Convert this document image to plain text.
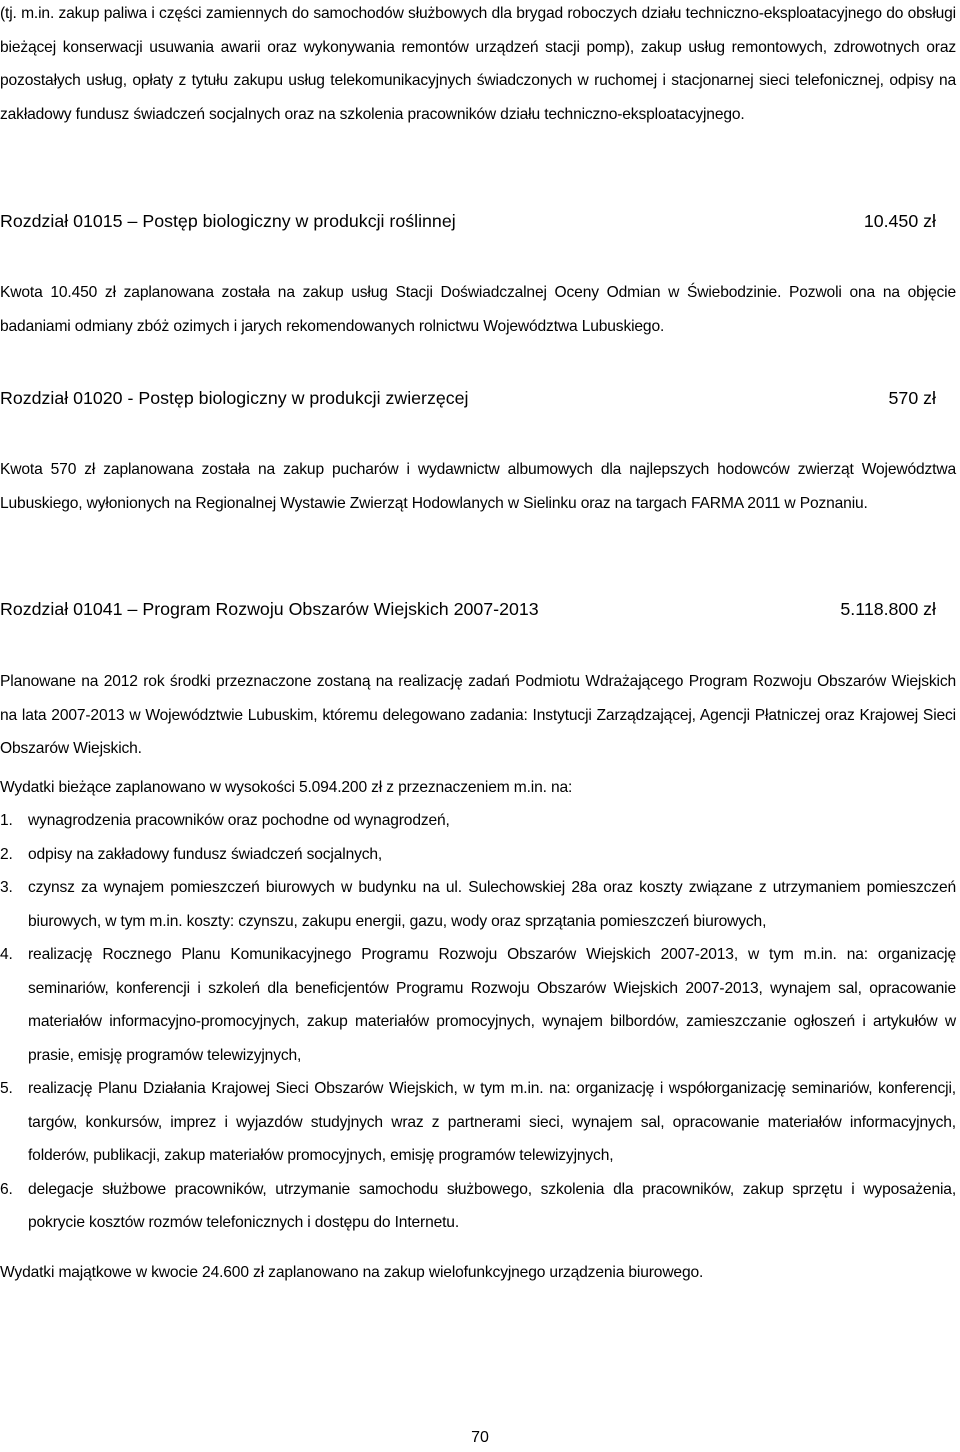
(tj. m.in. zakup paliwa i części zamiennych do samochodów służbowych dla brygad roboczych działu techniczno-eksploatacyjnego do obsługi bieżącej konserwacji usuwania awarii oraz wykonywania remontów urządzeń stacji pomp), zakup usług remontowych, zdrowotnych oraz pozostałych usług, opłaty z tytułu zakupu usług telekomunikacyjnych świadczonych w ruchomej i stacjonarnej sieci telefonicznej, odpisy na zakładowy fundusz świadczeń socjalnych oraz na szkolenia pracowników działu techniczno-eksploatacyjnego.

Rozdział 01015 – Postęp biologiczny w produkcji roślinnej	10.450 zł

Kwota 10.450 zł zaplanowana została na zakup usług Stacji Doświadczalnej Oceny Odmian w Świebodzinie. Pozwoli ona na objęcie badaniami odmiany zbóż ozimych i jarych rekomendowanych rolnictwu Województwa Lubuskiego.

Rozdział 01020 - Postęp biologiczny w produkcji zwierzęcej	570 zł

Kwota 570 zł zaplanowana została na zakup pucharów i wydawnictw albumowych dla najlepszych hodowców zwierząt Województwa Lubuskiego, wyłonionych na Regionalnej Wystawie Zwierząt Hodowlanych w Sielinku oraz na targach FARMA 2011 w Poznaniu.

Rozdział 01041 – Program Rozwoju Obszarów Wiejskich 2007-2013	5.118.800 zł

Planowane na 2012 rok środki przeznaczone zostaną na realizację zadań Podmiotu Wdrażającego Program Rozwoju Obszarów Wiejskich na lata 2007-2013 w Województwie Lubuskim, któremu delegowano zadania: Instytucji Zarządzającej, Agencji Płatniczej oraz Krajowej Sieci Obszarów Wiejskich.

Wydatki bieżące zaplanowano w wysokości 5.094.200 zł z przeznaczeniem m.in. na:

1. wynagrodzenia pracowników oraz pochodne od wynagrodzeń,
2. odpisy na zakładowy fundusz świadczeń socjalnych,
3. czynsz za wynajem pomieszczeń biurowych w budynku na ul. Sulechowskiej 28a oraz koszty związane z utrzymaniem pomieszczeń biurowych, w tym m.in. koszty: czynszu, zakupu energii, gazu, wody oraz sprzątania pomieszczeń biurowych,
4. realizację Rocznego Planu Komunikacyjnego Programu Rozwoju Obszarów Wiejskich 2007-2013, w tym m.in. na: organizację seminariów, konferencji i szkoleń dla beneficjentów Programu Rozwoju Obszarów Wiejskich 2007-2013, wynajem sal, opracowanie materiałów informacyjno-promocyjnych, zakup materiałów promocyjnych, wynajem bilbordów, zamieszczanie ogłoszeń i artykułów w prasie, emisję programów telewizyjnych,
5. realizację Planu Działania Krajowej Sieci Obszarów Wiejskich, w tym m.in. na: organizację i współorganizację seminariów, konferencji, targów, konkursów, imprez i wyjazdów studyjnych wraz z partnerami sieci, wynajem sal, opracowanie materiałów informacyjnych, folderów, publikacji, zakup materiałów promocyjnych, emisję programów telewizyjnych,
6. delegacje służbowe pracowników, utrzymanie samochodu służbowego, szkolenia dla pracowników, zakup sprzętu i wyposażenia, pokrycie kosztów rozmów telefonicznych i dostępu do Internetu.

Wydatki majątkowe w kwocie 24.600 zł zaplanowano na zakup wielofunkcyjnego urządzenia biurowego.

70
